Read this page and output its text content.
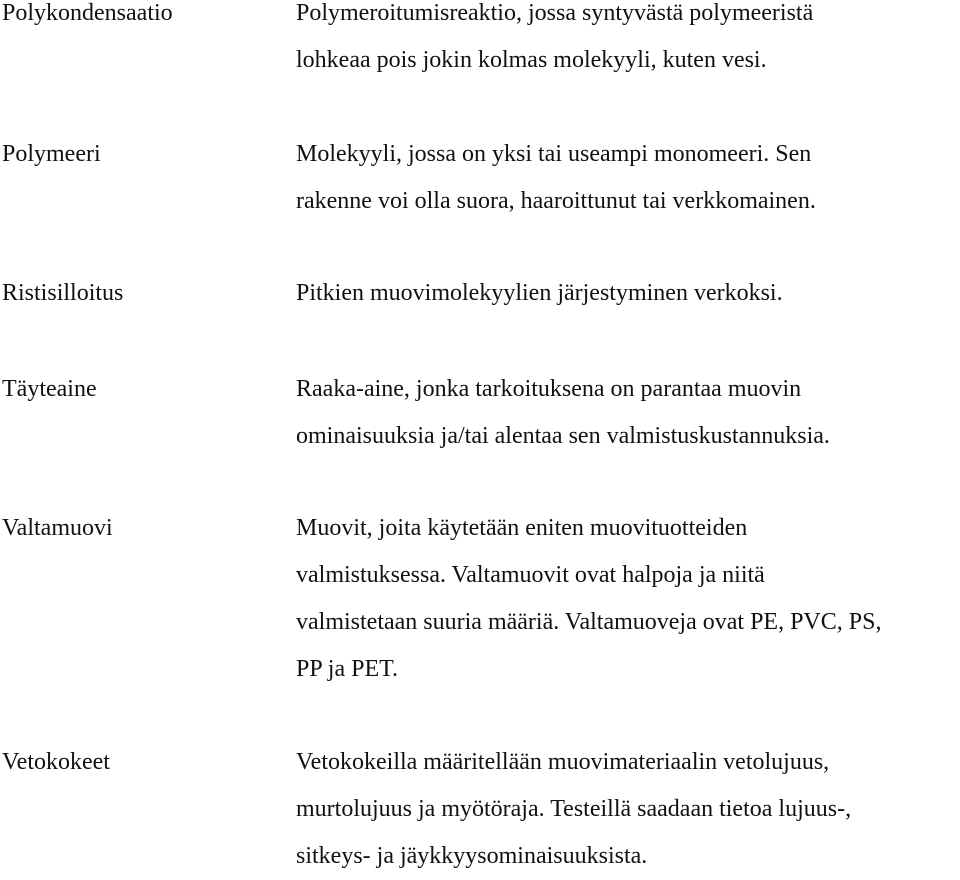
Polykondensaatio	Polymeroitumisreaktio, jossa syntyvästä polymeeristä
lohkeaa pois jokin kolmas molekyyli, kuten vesi.
Polymeeri	Molekyyli, jossa on yksi tai useampi monomeeri. Sen
rakenne voi olla suora, haaroittunut tai verkkomainen.
Ristisilloitus	Pitkien muovimolekyylien järjestyminen verkoksi.
Täyteaine	Raaka-aine, jonka tarkoituksena on parantaa muovin
ominaisuuksia ja/tai alentaa sen valmistuskustannuksia.
Valtamuovi	Muovit, joita käytetään eniten muovituotteiden
valmistuksessa. Valtamuovit ovat halpoja ja niitä
valmistetaan suuria määriä. Valtamuoveja ovat PE, PVC, PS,
PP ja PET.
Vetokokeet	Vetokokeilla määritellään muovimateriaalin vetolujuus,
murtolujuus ja myötöraja. Testeillä saadaan tietoa lujuus-,
sitkeys- ja jäykkyysominaisuuksista.
